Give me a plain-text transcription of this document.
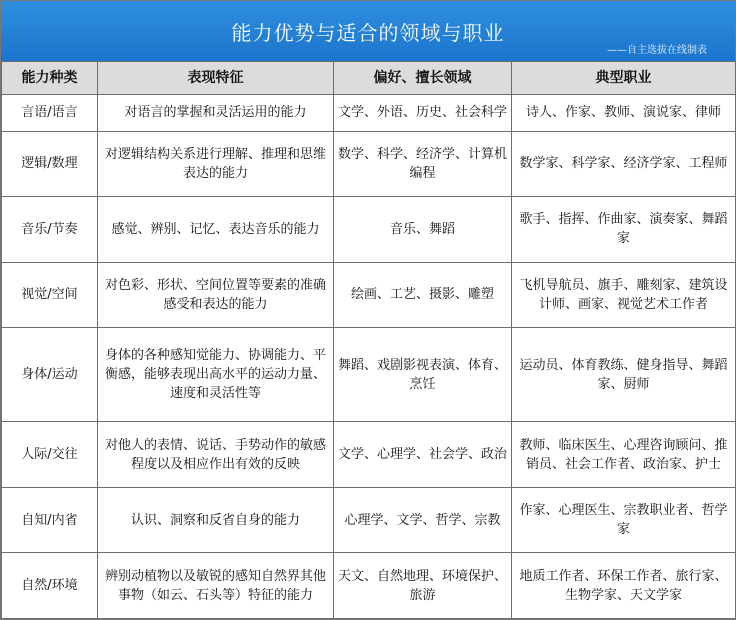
能力优势与适合的领域与职业
——自主选拔在线制表
能力种类	表现特征	偏好、擅长领域	典型职业
言语/语言	对语言的掌握和灵活运用的能力	文学、外语、历史、社会科学	诗人、作家、教师、演说家、律师
逻辑/数理	对逻辑结构关系进行理解、推理和思维表达的能力	数学、科学、经济学、计算机编程	数学家、科学家、经济学家、工程师
音乐/节奏	感觉、辨别、记忆、表达音乐的能力	音乐、舞蹈	歌手、指挥、作曲家、演奏家、舞蹈家
视觉/空间	对色彩、形状、空间位置等要素的准确感受和表达的能力	绘画、工艺、摄影、雕塑	飞机导航员、旗手、雕刻家、建筑设计师、画家、视觉艺术工作者
身体/运动	身体的各种感知觉能力、协调能力、平衡感，能够表现出高水平的运动力量、速度和灵活性等	舞蹈、戏剧影视表演、体育、烹饪	运动员、体育教练、健身指导、舞蹈家、厨师
人际/交往	对他人的表情、说话、手势动作的敏感程度以及相应作出有效的反映	文学、心理学、社会学、政治	教师、临床医生、心理咨询顾问、推销员、社会工作者、政治家、护士
自知/内省	认识、洞察和反省自身的能力	心理学、文学、哲学、宗教	作家、心理医生、宗教职业者、哲学家
自然/环境	辨别动植物以及敏锐的感知自然界其他事物（如云、石头等）特征的能力	天文、自然地理、环境保护、旅游	地质工作者、环保工作者、旅行家、生物学家、天文学家
